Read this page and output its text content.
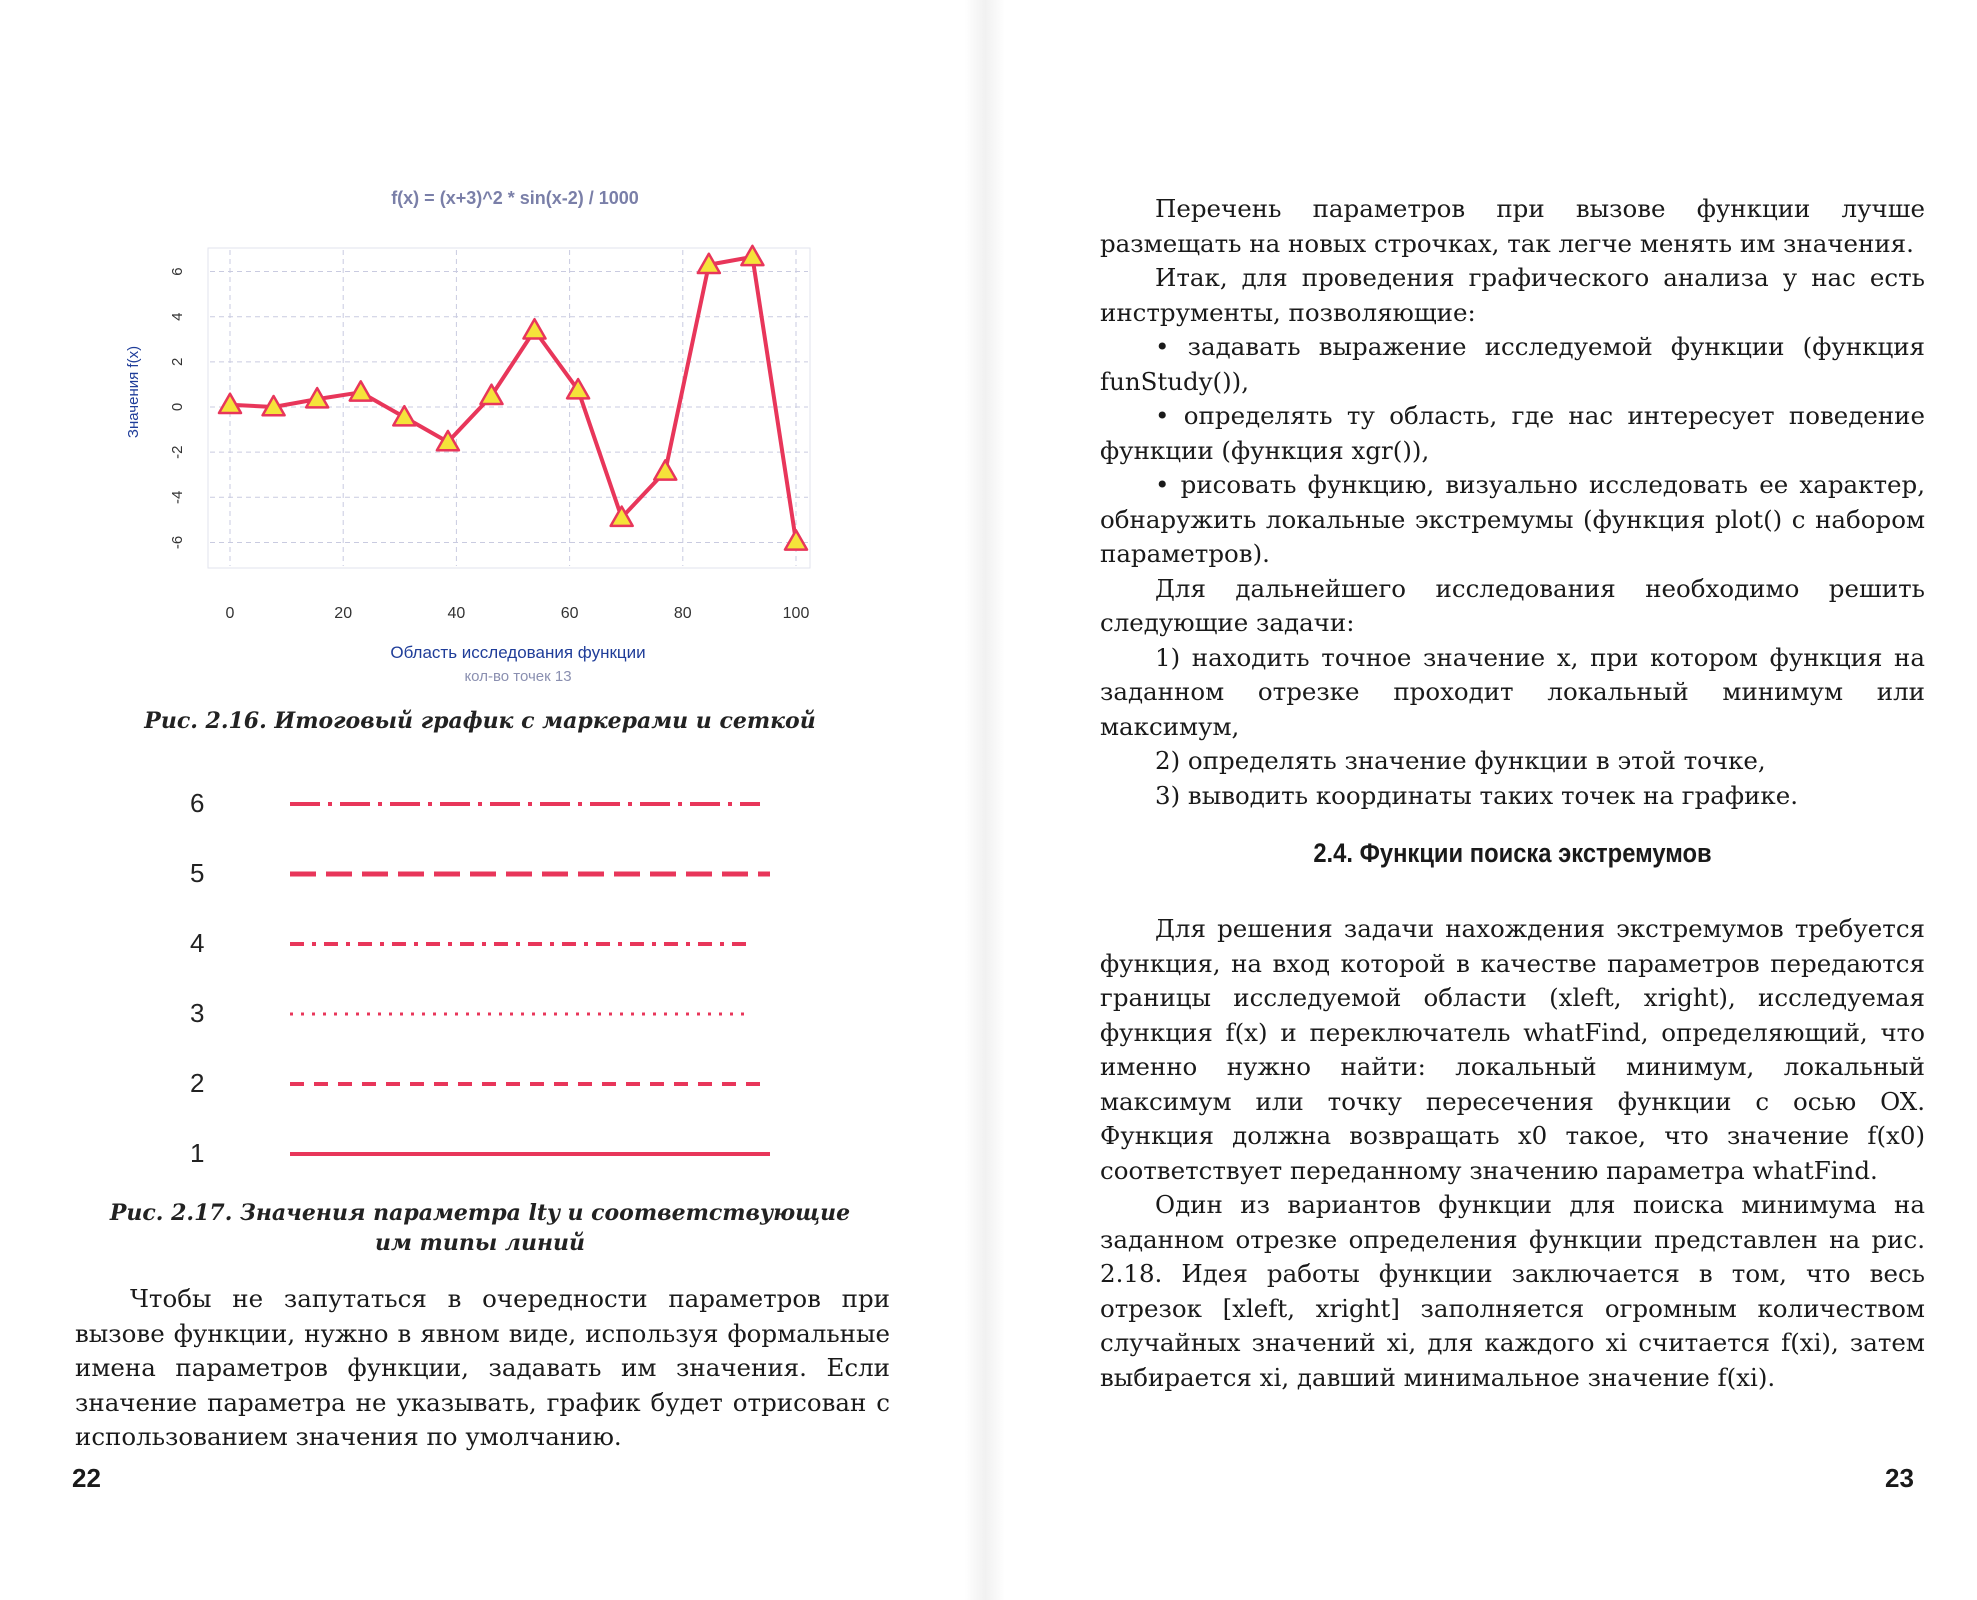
f(x) = (x+3)^2 * sin(x-2) / 1000
Значения f(x)
-6
-4
-2
0
2
4
6
0	20	40	60	80	100
Область исследования функции
кол-во точек 13
Рис. 2.16. Итоговый график с маркерами и сеткой
6
5
4
3
2
1
Рис. 2.17. Значения параметра lty и соответствующие
им типы линий

Чтобы не запутаться в очередности параметров при вызове функции, нужно в явном виде, используя формальные имена параметров функции, задавать им значения. Если значение параметра не указывать, график будет отрисован с использованием значения по умолчанию.

22

Перечень параметров при вызове функции лучше размещать на новых строчках, так легче менять им значения.

Итак, для проведения графического анализа у нас есть инструменты, позволяющие:

• задавать выражение исследуемой функции (функция funStudy()),

• определять ту область, где нас интересует поведение функции (функция xgr()),

• рисовать функцию, визуально исследовать ее характер, обнаружить локальные экстремумы (функция plot() с набором параметров).

Для дальнейшего исследования необходимо решить следующие задачи:

1) находить точное значение x, при котором функция на заданном отрезке проходит локальный минимум или максимум,

2) определять значение функции в этой точке,

3) выводить координаты таких точек на графике.

2.4. Функции поиска экстремумов

Для решения задачи нахождения экстремумов требуется функция, на вход которой в качестве параметров передаются границы исследуемой области (xleft, xright), исследуемая функция f(x) и переключатель whatFind, определяющий, что именно нужно найти: локальный минимум, локальный максимум или точку пересечения функции с осью OX. Функция должна возвращать x0 такое, что значение f(x0) соответствует переданному значению параметра whatFind.

Один из вариантов функции для поиска минимума на заданном отрезке определения функции представлен на рис. 2.18. Идея работы функции заключается в том, что весь отрезок [xleft, xright] заполняется огромным количеством случайных значений xi, для каждого xi считается f(xi), затем выбирается xi, давший минимальное значение f(xi).

23
